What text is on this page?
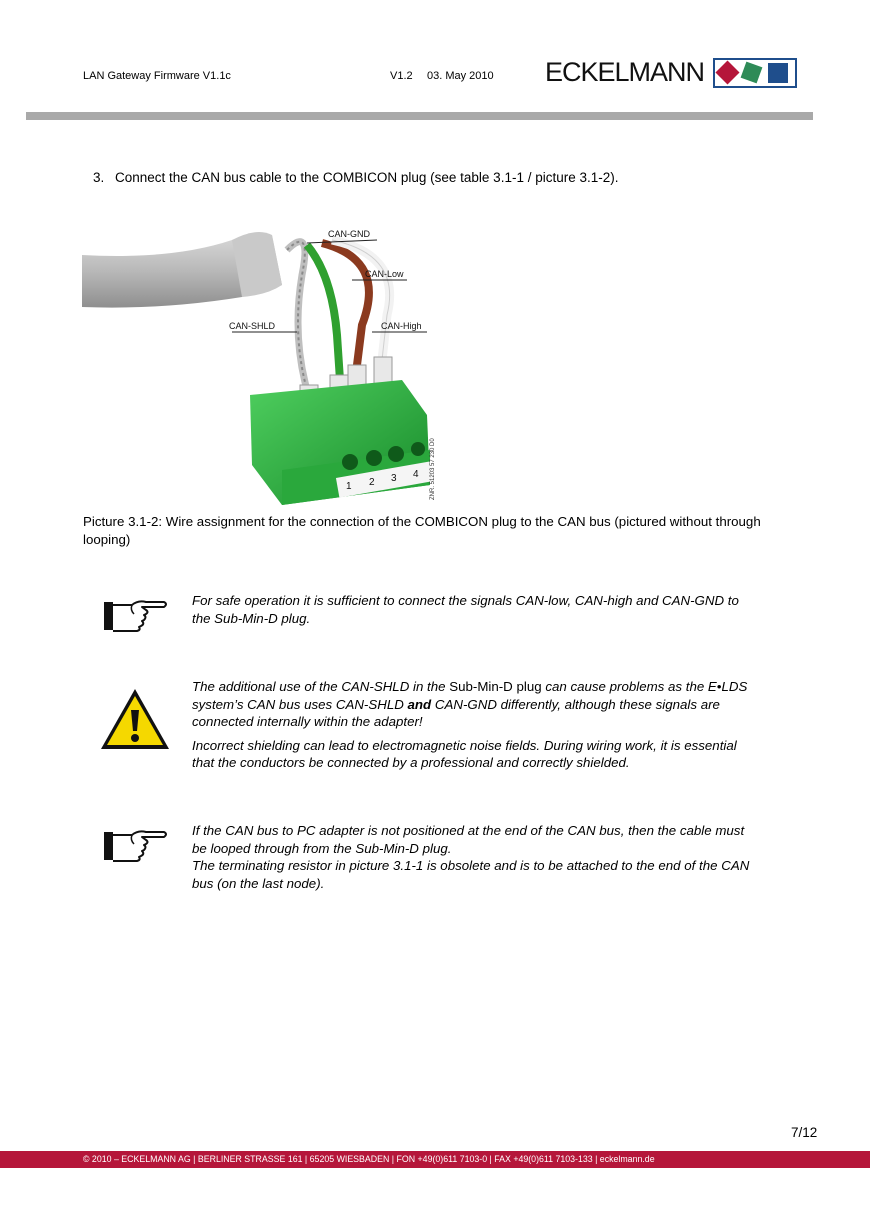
LAN Gateway Firmware V1.1c	V1.2 03. May 2010 ECKELMANN
3. Connect the CAN bus cable to the COMBICON plug (see table 3.1-1 / picture 3.1-2).
1 2 3 4 ZNR. 51203 57 230 D0
CAN-GND
CAN-Low
CAN-SHLD	CAN-High
Picture 3.1-2: Wire assignment for the connection of the COMBICON plug to the CAN bus (pictured without through looping)

For safe operation it is sufficient to connect the signals CAN-low, CAN-high and CAN-GND to the Sub-Min-D plug.

The additional use of the CAN-SHLD in the Sub-Min-D plug can cause problems as the E•LDS system’s CAN bus uses CAN-SHLD and CAN-GND differently, although these signals are connected internally within the adapter!

Incorrect shielding can lead to electromagnetic noise fields. During wiring work, it is essential that the conductors be connected by a professional and correctly shielded.

If the CAN bus to PC adapter is not positioned at the end of the CAN bus, then the cable must be looped through from the Sub-Min-D plug.

The terminating resistor in picture 3.1-1 is obsolete and is to be attached to the end of the CAN bus (on the last node).

7/12
© 2010 – ECKELMANN AG | BERLINER STRASSE 161 | 65205 WIESBADEN | FON +49(0)611 7103-0 | FAX +49(0)611 7103-133 | eckelmann.de
